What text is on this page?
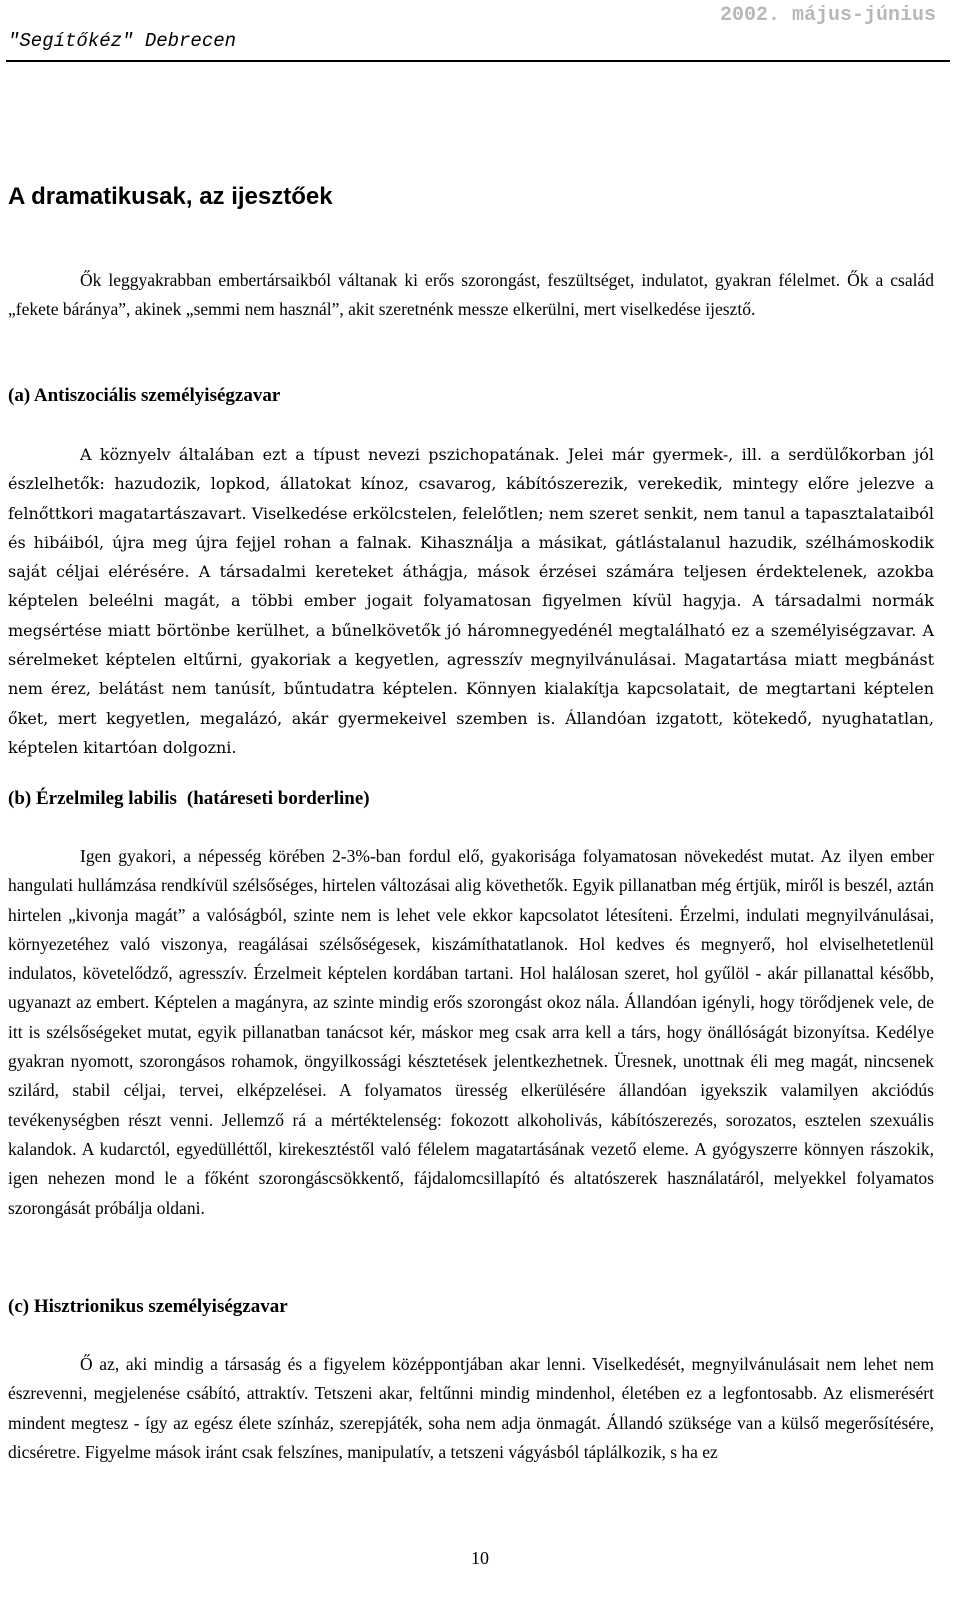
2002. május-június
"Segítőkéz" Debrecen
A dramatikusak, az ijesztőek

Ők leggyakrabban embertársaikból váltanak ki erős szorongást, feszültséget, indulatot, gyakran félelmet. Ők a család „fekete báránya”, akinek „semmi nem használ”, akit szeretnénk messze elkerülni, mert viselkedése ijesztő.

(a) Antiszociális személyiségzavar

A köznyelv általában ezt a típust nevezi pszichopatának. Jelei már gyermek-, ill. a serdülőkorban jól észlelhetők: hazudozik, lopkod, állatokat kínoz, csavarog, kábítószerezik, verekedik, mintegy előre jelezve a felnőttkori magatartászavart. Viselkedése erkölcstelen, felelőtlen; nem szeret senkit, nem tanul a tapasztalataiból és hibáiból, újra meg újra fejjel rohan a falnak. Kihasználja a másikat, gátlástalanul hazudik, szélhámoskodik saját céljai elérésére. A társadalmi kereteket áthágja, mások érzései számára teljesen érdektelenek, azokba képtelen beleélni magát, a többi ember jogait folyamatosan figyelmen kívül hagyja. A társadalmi normák megsértése miatt börtönbe kerülhet, a bűnelkövetők jó háromnegyedénél megtalálható ez a személyiségzavar. A sérelmeket képtelen eltűrni, gyakoriak a kegyetlen, agresszív megnyilvánulásai. Magatartása miatt megbánást nem érez, belátást nem tanúsít, bűntudatra képtelen. Könnyen kialakítja kapcsolatait, de megtartani képtelen őket, mert kegyetlen, megalázó, akár gyermekeivel szemben is. Állandóan izgatott, kötekedő, nyughatatlan, képtelen kitartóan dolgozni.

(b) Érzelmileg labilis (határeseti borderline)

Igen gyakori, a népesség körében 2-3%-ban fordul elő, gyakorisága folyamatosan növekedést mutat. Az ilyen ember hangulati hullámzása rendkívül szélsőséges, hirtelen változásai alig követhetők. Egyik pillanatban még értjük, miről is beszél, aztán hirtelen „kivonja magát” a valóságból, szinte nem is lehet vele ekkor kapcsolatot létesíteni. Érzelmi, indulati megnyilvánulásai, környezetéhez való viszonya, reagálásai szélsőségesek, kiszámíthatatlanok. Hol kedves és megnyerő, hol elviselhetetlenül indulatos, követelődző, agresszív. Érzelmeit képtelen kordában tartani. Hol halálosan szeret, hol gyűlöl - akár pillanattal később, ugyanazt az embert. Képtelen a magányra, az szinte mindig erős szorongást okoz nála. Állandóan igényli, hogy törődjenek vele, de itt is szélsőségeket mutat, egyik pillanatban tanácsot kér, máskor meg csak arra kell a társ, hogy önállóságát bizonyítsa. Kedélye gyakran nyomott, szorongásos rohamok, öngyilkossági késztetések jelentkezhetnek. Üresnek, unottnak éli meg magát, nincsenek szilárd, stabil céljai, tervei, elképzelései. A folyamatos üresség elkerülésére állandóan igyekszik valamilyen akciódús tevékenységben részt venni. Jellemző rá a mértéktelenség: fokozott alkoholivás, kábítószerezés, sorozatos, esztelen szexuális kalandok. A kudarctól, egyedülléttől, kirekesztéstől való félelem magatartásának vezető eleme. A gyógyszerre könnyen rászokik, igen nehezen mond le a főként szorongáscsökkentő, fájdalomcsillapító és altatószerek használatáról, melyekkel folyamatos szorongását próbálja oldani.

(c) Hisztrionikus személyiségzavar

Ő az, aki mindig a társaság és a figyelem középpontjában akar lenni. Viselkedését, megnyilvánulásait nem lehet nem észrevenni, megjelenése csábító, attraktív. Tetszeni akar, feltűnni mindig mindenhol, életében ez a legfontosabb. Az elismerésért mindent megtesz - így az egész élete színház, szerepjáték, soha nem adja önmagát. Állandó szüksége van a külső megerősítésére, dicséretre. Figyelme mások iránt csak felszínes, manipulatív, a tetszeni vágyásból táplálkozik, s ha ez

10
